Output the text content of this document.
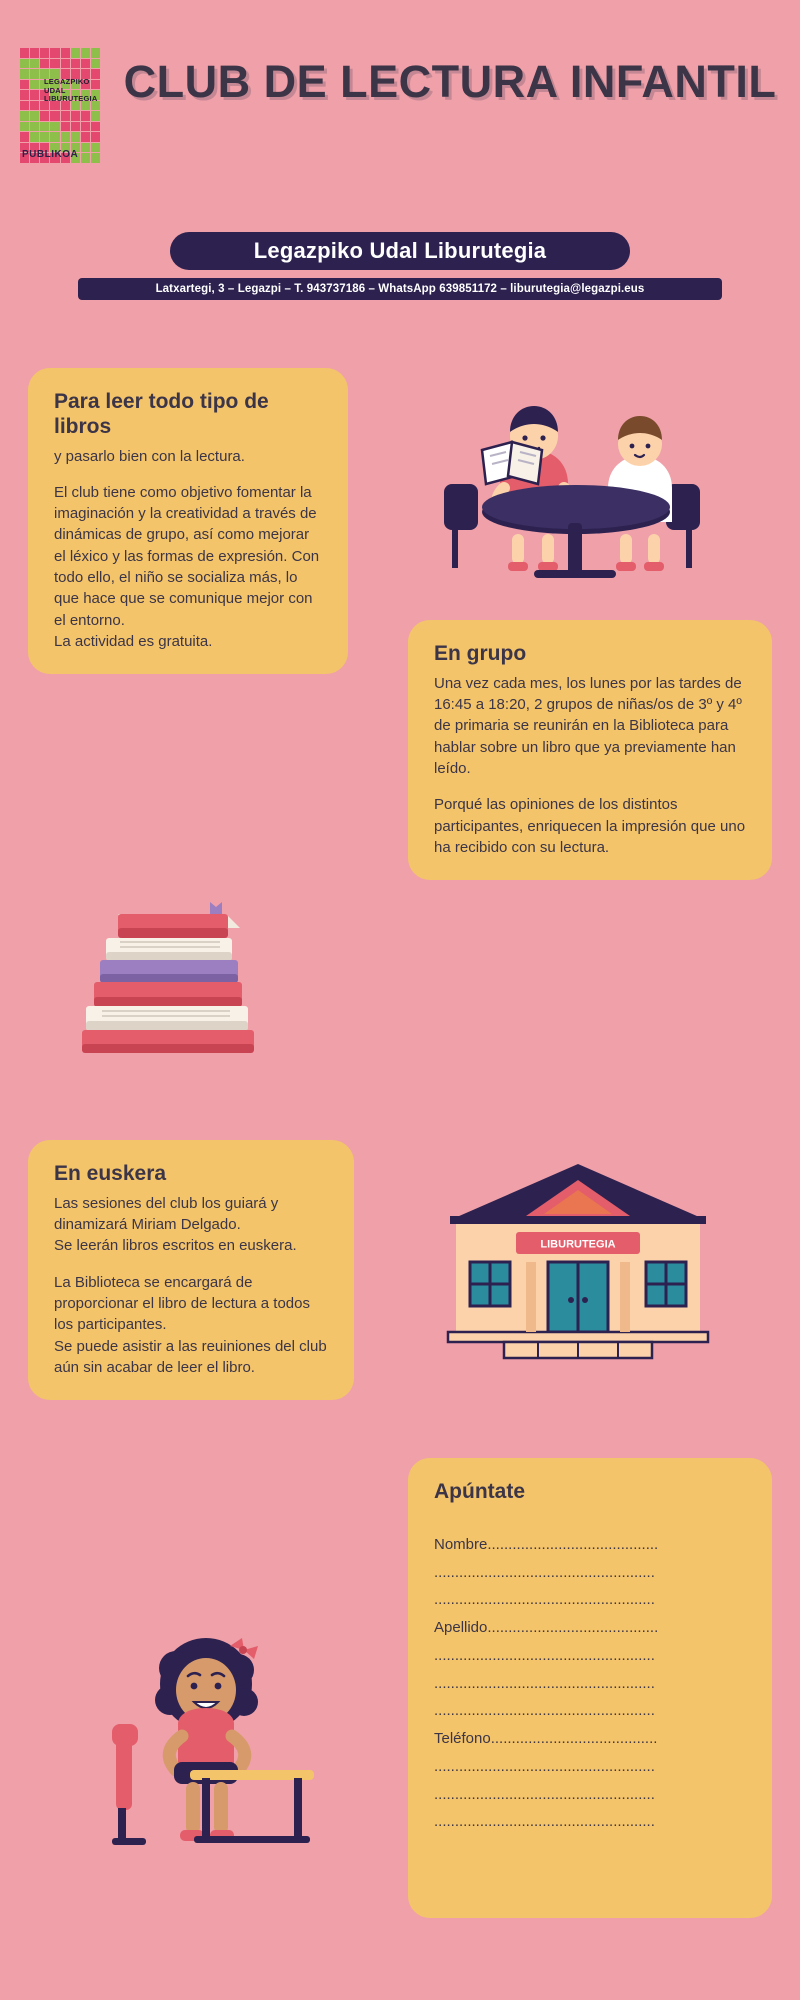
LEGAZPIKO
UDAL
LIBURUTEGIA
PUBLIKOA
CLUB DE LECTURA INFANTIL
Legazpiko Udal Liburutegia
Latxartegi, 3 – Legazpi – T. 943737186 – WhatsApp 639851172 – liburutegia@legazpi.eus
Para leer todo tipo de libros

y pasarlo bien con la lectura.

El club tiene como objetivo fomentar la imaginación y la creatividad a través de dinámicas de grupo, así como mejorar el léxico y las formas de expresión. Con todo ello, el niño se socializa más, lo que hace que se comunique mejor con el entorno.

La actividad es gratuita.

En grupo

Una vez cada mes, los lunes por las tardes de 16:45 a 18:20, 2 grupos de niñas/os de 3º y 4º de primaria se reunirán en la Biblioteca para hablar sobre un libro que ya previamente han leído.

Porqué las opiniones de los distintos participantes, enriquecen la impresión que uno ha recibido con su lectura.

En euskera

Las sesiones del club los guiará y dinamizará Miriam Delgado.

Se leerán libros escritos en euskera.

La Biblioteca se encargará de proporcionar el libro de lectura a todos los participantes.

Se puede asistir a las reuiniones del club aún sin acabar de leer el libro.

Apúntate
Nombre.........................................
.....................................................
.....................................................
Apellido.........................................
.....................................................
.....................................................
.....................................................
Teléfono........................................
.....................................................
.....................................................
.....................................................
LIBURUTEGIA
